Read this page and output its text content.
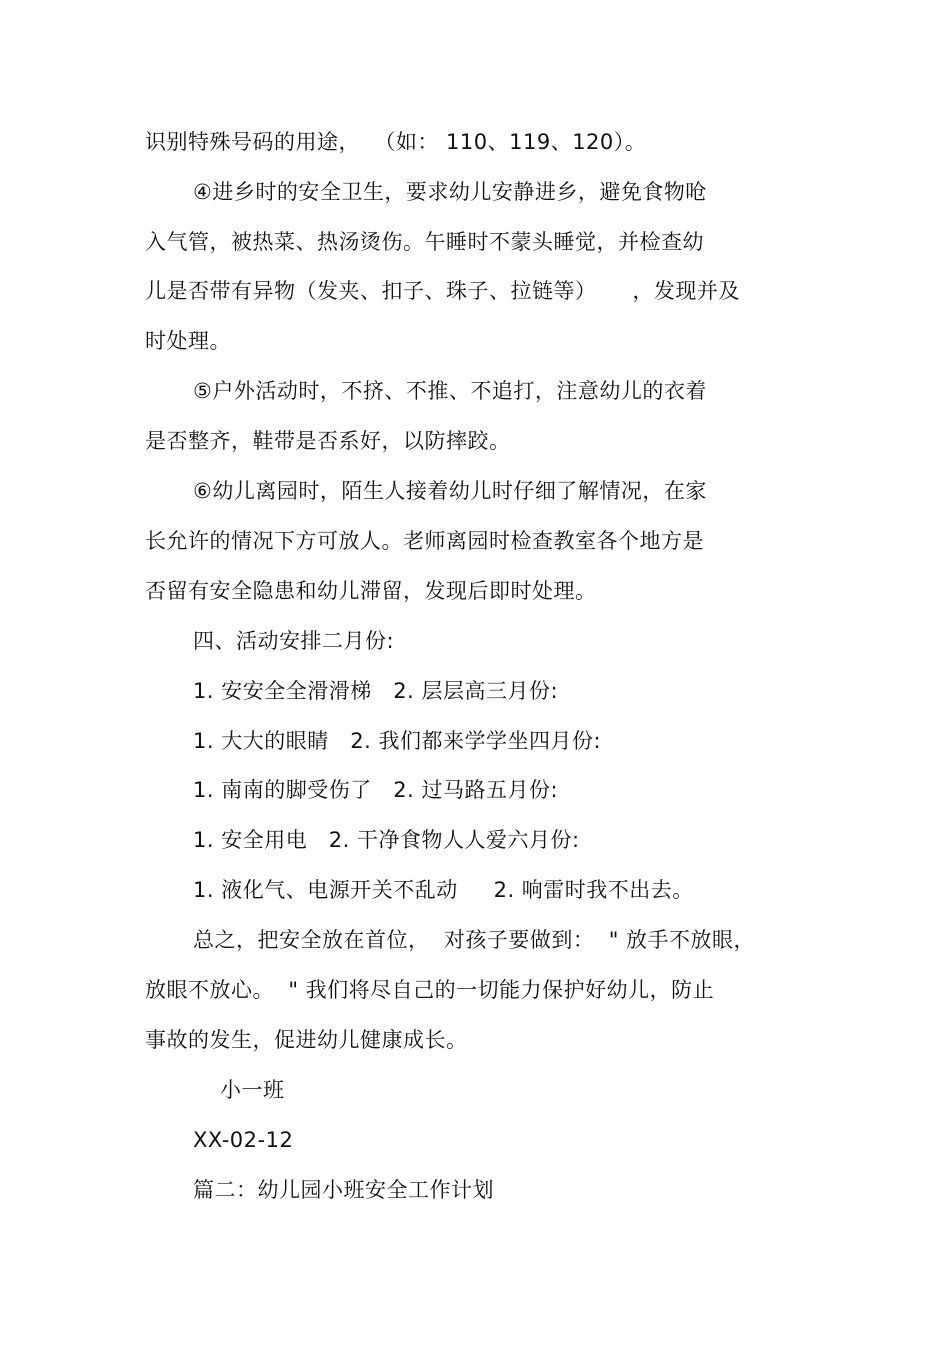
识别特殊号码的用途，  （如： 110、119、120）。
④进乡时的安全卫生，要求幼儿安静进乡，避免食物呛
入气管，被热菜、热汤烫伤。午睡时不蒙头睡觉，并检查幼
儿是否带有异物（发夹、扣子、珠子、拉链等）     ，发现并及
时处理。
⑤户外活动时，不挤、不推、不追打，注意幼儿的衣着
是否整齐，鞋带是否系好，以防摔跤。
⑥幼儿离园时，陌生人接着幼儿时仔细了解情况，在家
长允许的情况下方可放人。老师离园时检查教室各个地方是
否留有安全隐患和幼儿滞留，发现后即时处理。
四、活动安排二月份:
1. 安安全全滑滑梯   2. 层层高三月份:
1. 大大的眼睛   2. 我们都来学学坐四月份:
1. 南南的脚受伤了   2. 过马路五月份:
1. 安全用电   2. 干净食物人人爱六月份:
1. 液化气、电源开关不乱动     2. 响雷时我不出去。
总之，把安全放在首位，  对孩子要做到：  " 放手不放眼，
放眼不放心。  " 我们将尽自己的一切能力保护好幼儿，防止
事故的发生，促进幼儿健康成长。
小一班
XX-02-12
篇二：幼儿园小班安全工作计划
